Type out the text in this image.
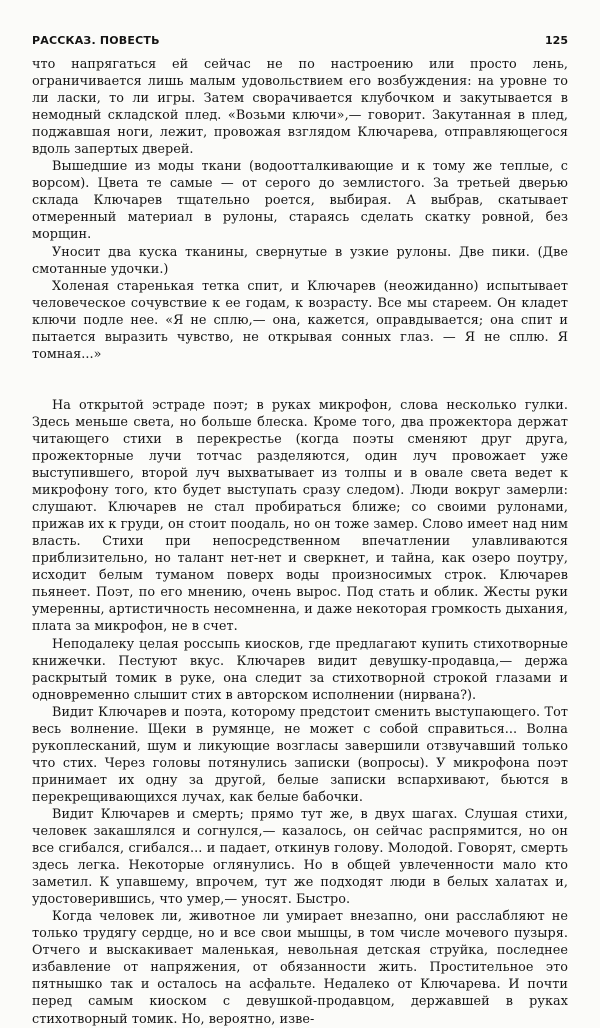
РАССКАЗ. ПОВЕСТЬ	125

что напрягаться ей сейчас не по настроению или просто лень, ограничивается лишь малым удовольствием его возбуждения: на уровне то ли ласки, то ли игры. Затем сворачивается клубочком и закутывается в немодный складской плед. «Возьми ключи»,— говорит. Закутанная в плед, поджавшая ноги, лежит, провожая взглядом Ключарева, отправляющегося вдоль запертых дверей.

Вышедшие из моды ткани (водоотталкивающие и к тому же теплые, с ворсом). Цвета те самые — от серого до землистого. За третьей дверью склада Ключарев тщательно роется, выбирая. А выбрав, скатывает отмеренный материал в рулоны, стараясь сделать скатку ровной, без морщин.

Уносит два куска тканины, свернутые в узкие рулоны. Две пики. (Две смотанные удочки.)

Холеная старенькая тетка спит, и Ключарев (неожиданно) испытывает человеческое сочувствие к ее годам, к возрасту. Все мы стареем. Он кладет ключи подле нее. «Я не сплю,— она, кажется, оправдывается; она спит и пытается выразить чувство, не открывая сонных глаз. — Я не сплю. Я томная...»

На открытой эстраде поэт; в руках микрофон, слова несколько гулки. Здесь меньше света, но больше блеска. Кроме того, два прожектора держат читающего стихи в перекрестье (когда поэты сменяют друг друга, прожекторные лучи тотчас разделяются, один луч провожает уже выступившего, второй луч выхватывает из толпы и в овале света ведет к микрофону того, кто будет выступать сразу следом). Люди вокруг замерли: слушают. Ключарев не стал пробираться ближе; со своими рулонами, прижав их к груди, он стоит поодаль, но он тоже замер. Слово имеет над ним власть. Стихи при непосредственном впечатлении улавливаются приблизительно, но талант нет-нет и сверкнет, и тайна, как озеро поутру, исходит белым туманом поверх воды произносимых строк. Ключарев пьянеет. Поэт, по его мнению, очень вырос. Под стать и облик. Жесты руки умеренны, артистичность несомненна, и даже некоторая громкость дыхания, плата за микрофон, не в счет.

Неподалеку целая россыпь киосков, где предлагают купить стихотворные книжечки. Пестуют вкус. Ключарев видит девушку-продавца,— держа раскрытый томик в руке, она следит за стихотворной строкой глазами и одновременно слышит стих в авторском исполнении (нирвана?).

Видит Ключарев и поэта, которому предстоит сменить выступающего. Тот весь волнение. Щеки в румянце, не может с собой справиться... Волна рукоплесканий, шум и ликующие возгласы завершили отзвучавший только что стих. Через головы потянулись записки (вопросы). У микрофона поэт принимает их одну за другой, белые записки вспархивают, бьются в перекрещивающихся лучах, как белые бабочки.

Видит Ключарев и смерть; прямо тут же, в двух шагах. Слушая стихи, человек закашлялся и согнулся,— казалось, он сейчас распрямится, но он все сгибался, сгибался... и падает, откинув голову. Молодой. Говорят, смерть здесь легка. Некоторые оглянулись. Но в общей увлеченности мало кто заметил. К упавшему, впрочем, тут же подходят люди в белых халатах и, удостоверившись, что умер,— уносят. Быстро.

Когда человек ли, животное ли умирает внезапно, они расслабляют не только трудягу сердце, но и все свои мышцы, в том числе мочевого пузыря. Отчего и выскакивает маленькая, невольная детская струйка, последнее избавление от напряжения, от обязанности жить. Простительное это пятнышко так и осталось на асфальте. Недалеко от Ключарева. И почти перед самым киоском с девушкой-продавцом, державшей в руках стихотворный томик. Но, вероятно, изве-
